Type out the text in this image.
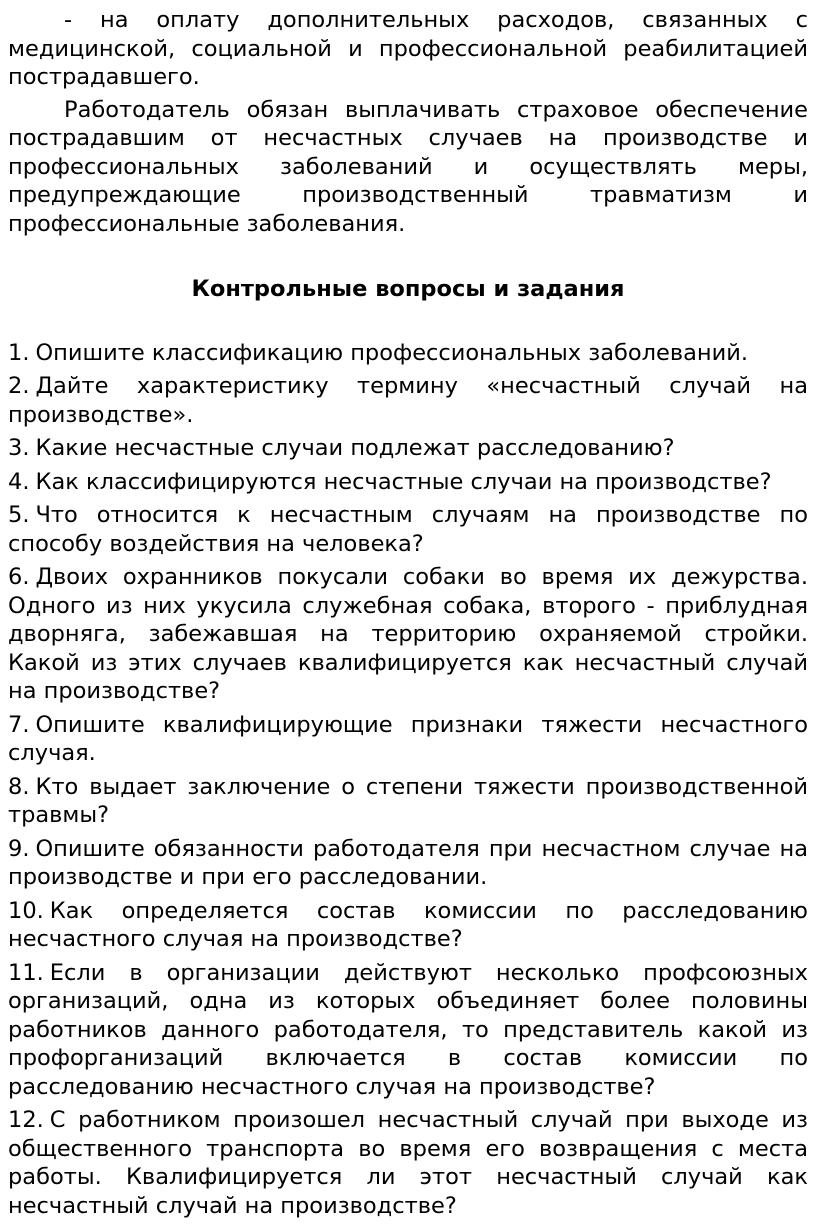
- на оплату дополнительных расходов, связанных с медицинской, социальной и профессиональной реабилитацией пострадавшего.

Работодатель обязан выплачивать страховое обеспечение пострадавшим от несчастных случаев на производстве и профессиональных заболеваний и осуществлять меры, предупреждающие производственный травматизм и профессиональные заболевания.

Контрольные вопросы и задания

1. Опишите классификацию профессиональных заболеваний.
2. Дайте характеристику термину «несчастный случай на производстве».
3. Какие несчастные случаи подлежат расследованию?
4. Как классифицируются несчастные случаи на производстве?
5. Что относится к несчастным случаям на производстве по способу воздействия на человека?
6. Двоих охранников покусали собаки во время их дежурства. Одного из них укусила служебная собака, второго - приблудная дворняга, забежавшая на территорию охраняемой стройки. Какой из этих случаев квалифицируется как несчастный случай на производстве?
7. Опишите квалифицирующие признаки тяжести несчастного случая.
8. Кто выдает заключение о степени тяжести производственной травмы?
9. Опишите обязанности работодателя при несчастном случае на производстве и при его расследовании.
10. Как определяется состав комиссии по расследованию несчастного случая на производстве?
11. Если в организации действуют несколько профсоюзных организаций, одна из которых объединяет более половины работников данного работодателя, то представитель какой из профорганизаций включается в состав комиссии по расследованию несчастного случая на производстве?
12. С работником произошел несчастный случай при выходе из общественного транспорта во время его возвращения с места работы. Квалифицируется ли этот несчастный случай как несчастный случай на производстве?
